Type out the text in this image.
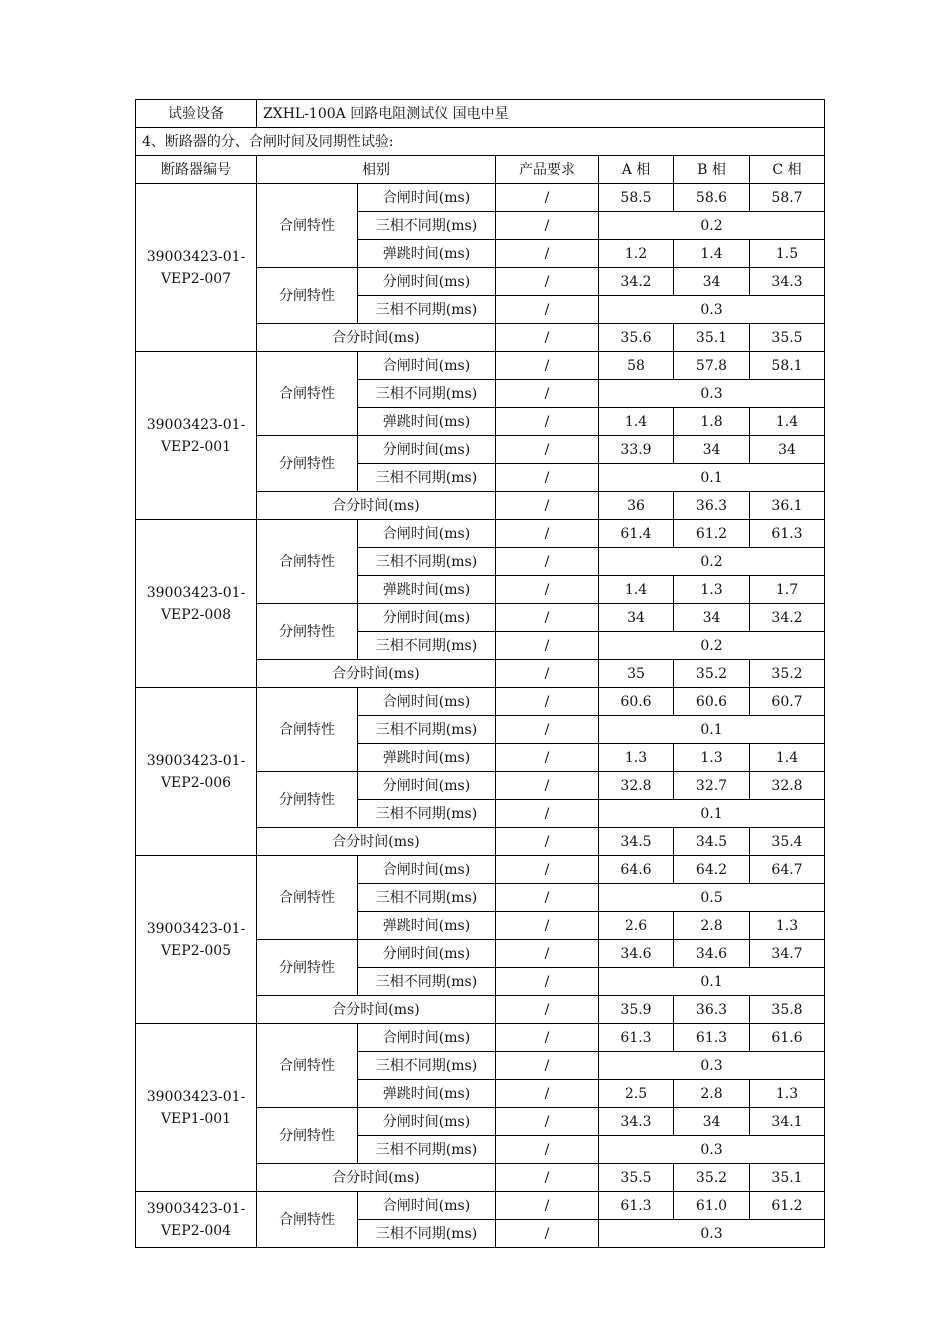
试验设备	ZXHL-100A 回路电阻测试仪 国电中星					
4、断路器的分、合闸时间及同期性试验:						
断路器编号	相别		产品要求	A 相	B 相	C 相

39003423-01-
VEP2-007	合闸特性	合闸时间(ms)	/	58.5	58.6	58.7
		三相不同期(ms)	/	0.2		
		弹跳时间(ms)	/	1.2	1.4	1.5
	分闸特性	分闸时间(ms)	/	34.2	34	34.3
		三相不同期(ms)	/	0.3		
	合分时间(ms)		/	35.6	35.1	35.5

39003423-01-
VEP2-001	合闸特性	合闸时间(ms)	/	58	57.8	58.1
		三相不同期(ms)	/	0.3		
		弹跳时间(ms)	/	1.4	1.8	1.4
	分闸特性	分闸时间(ms)	/	33.9	34	34
		三相不同期(ms)	/	0.1		
	合分时间(ms)		/	36	36.3	36.1

39003423-01-
VEP2-008	合闸特性	合闸时间(ms)	/	61.4	61.2	61.3
		三相不同期(ms)	/	0.2		
		弹跳时间(ms)	/	1.4	1.3	1.7
	分闸特性	分闸时间(ms)	/	34	34	34.2
		三相不同期(ms)	/	0.2		
	合分时间(ms)		/	35	35.2	35.2

39003423-01-
VEP2-006	合闸特性	合闸时间(ms)	/	60.6	60.6	60.7
		三相不同期(ms)	/	0.1		
		弹跳时间(ms)	/	1.3	1.3	1.4
	分闸特性	分闸时间(ms)	/	32.8	32.7	32.8
		三相不同期(ms)	/	0.1		
	合分时间(ms)		/	34.5	34.5	35.4

39003423-01-
VEP2-005	合闸特性	合闸时间(ms)	/	64.6	64.2	64.7
		三相不同期(ms)	/	0.5		
		弹跳时间(ms)	/	2.6	2.8	1.3
	分闸特性	分闸时间(ms)	/	34.6	34.6	34.7
		三相不同期(ms)	/	0.1		
	合分时间(ms)		/	35.9	36.3	35.8

39003423-01-
VEP1-001	合闸特性	合闸时间(ms)	/	61.3	61.3	61.6
		三相不同期(ms)	/	0.3		
		弹跳时间(ms)	/	2.5	2.8	1.3
	分闸特性	分闸时间(ms)	/	34.3	34	34.1
		三相不同期(ms)	/	0.3		
	合分时间(ms)		/	35.5	35.2	35.1

39003423-01-
VEP2-004	合闸特性	合闸时间(ms)	/	61.3	61.0	61.2
		三相不同期(ms)	/	0.3		
